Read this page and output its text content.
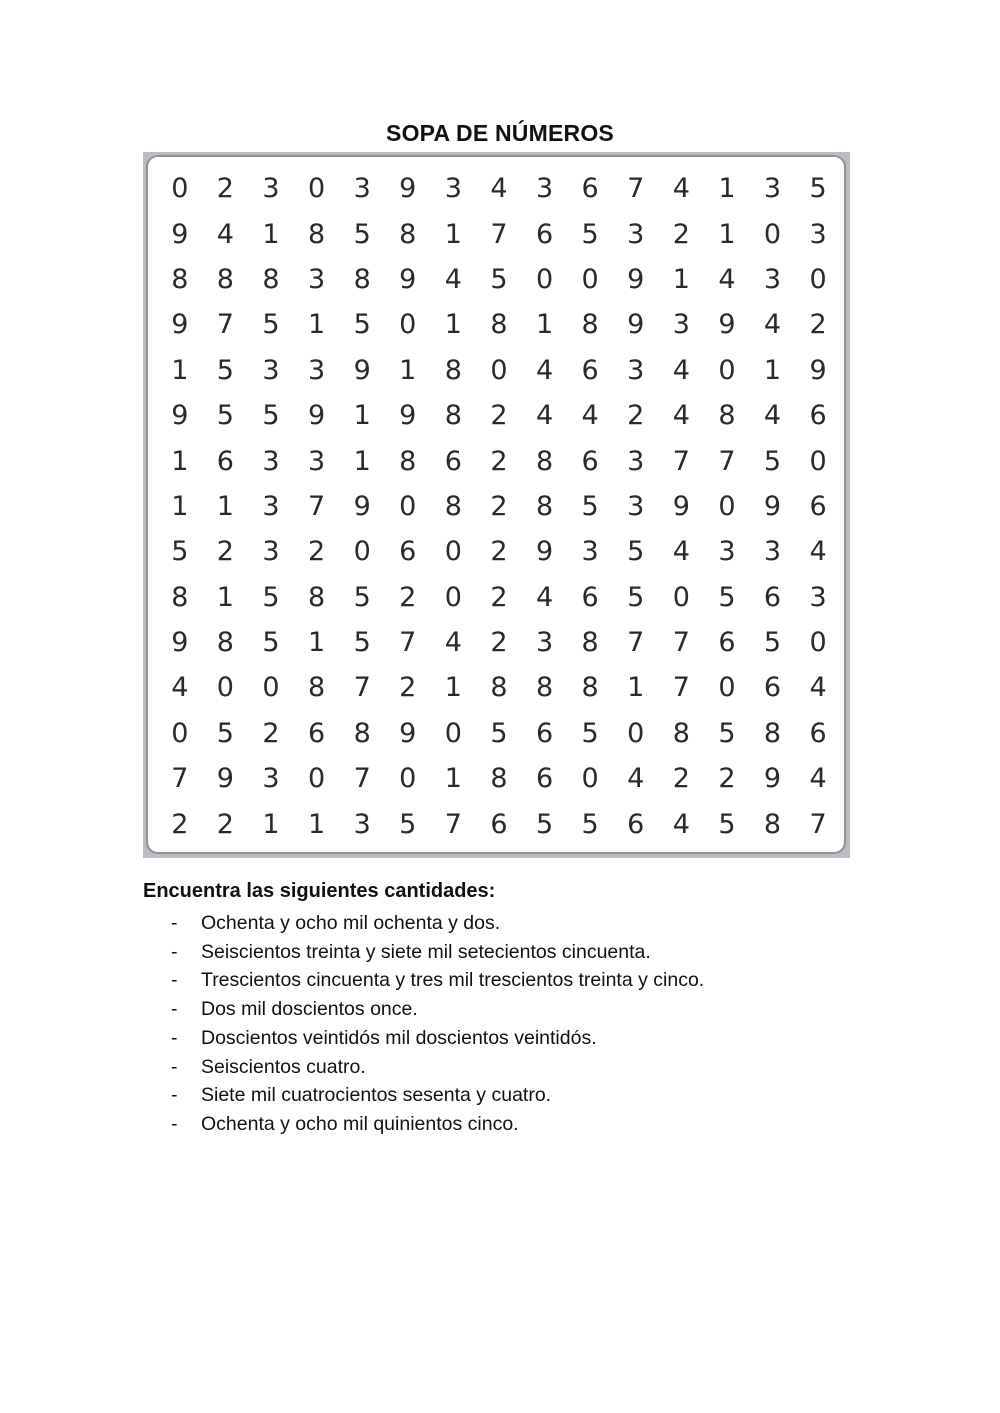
SOPA DE NÚMEROS
0	2	3	0	3	9	3	4	3	6	7	4	1	3	5
9	4	1	8	5	8	1	7	6	5	3	2	1	0	3
8	8	8	3	8	9	4	5	0	0	9	1	4	3	0
9	7	5	1	5	0	1	8	1	8	9	3	9	4	2
1	5	3	3	9	1	8	0	4	6	3	4	0	1	9
9	5	5	9	1	9	8	2	4	4	2	4	8	4	6
1	6	3	3	1	8	6	2	8	6	3	7	7	5	0
1	1	3	7	9	0	8	2	8	5	3	9	0	9	6
5	2	3	2	0	6	0	2	9	3	5	4	3	3	4
8	1	5	8	5	2	0	2	4	6	5	0	5	6	3
9	8	5	1	5	7	4	2	3	8	7	7	6	5	0
4	0	0	8	7	2	1	8	8	8	1	7	0	6	4
0	5	2	6	8	9	0	5	6	5	0	8	5	8	6
7	9	3	0	7	0	1	8	6	0	4	2	2	9	4
2	2	1	1	3	5	7	6	5	5	6	4	5	8	7
Encuentra las siguientes cantidades:
-	Ochenta y ocho mil ochenta y dos.
-	Seiscientos treinta y siete mil setecientos cincuenta.
-	Trescientos cincuenta y tres mil trescientos treinta y cinco.
-	Dos mil doscientos once.
-	Doscientos veintidós mil doscientos veintidós.
-	Seiscientos cuatro.
-	Siete mil cuatrocientos sesenta y cuatro.
-	Ochenta y ocho mil quinientos cinco.
